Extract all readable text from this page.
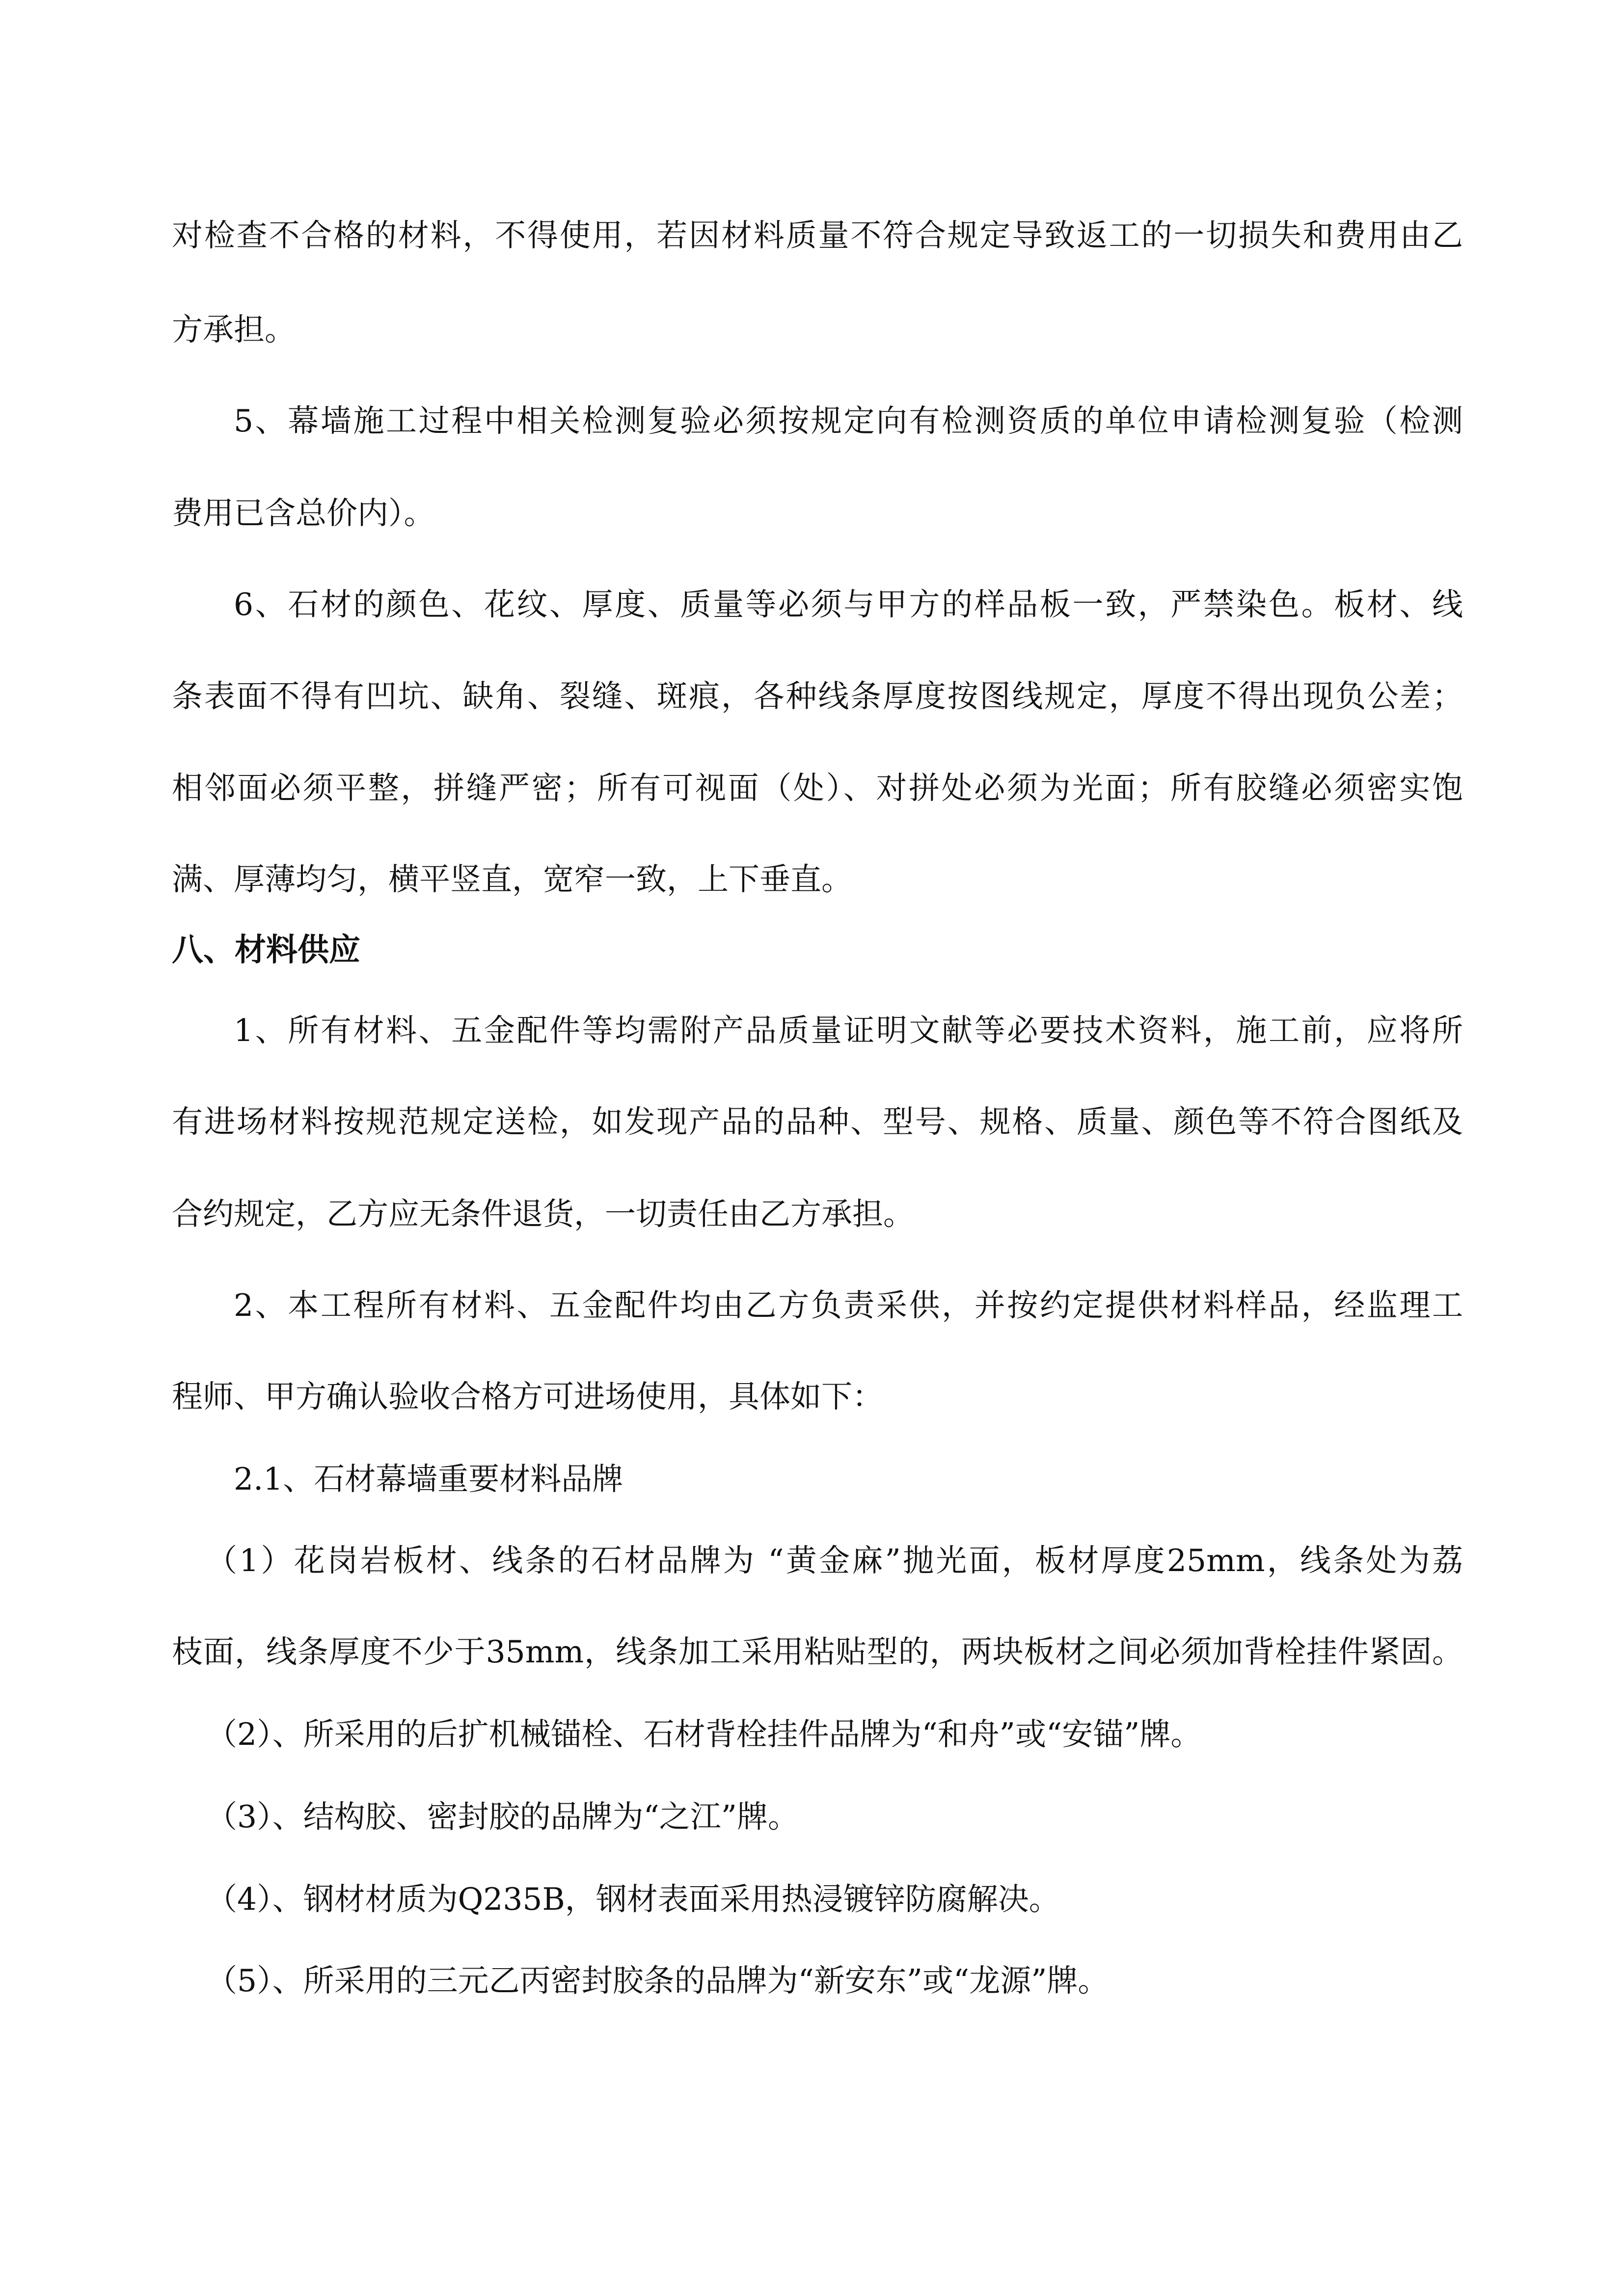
对检查不合格的材料，不得使用，若因材料质量不符合规定导致返工的一切损失和费用由乙
方承担。
5、幕墙施工过程中相关检测复验必须按规定向有检测资质的单位申请检测复验（检测
费用已含总价内）。
6、石材的颜色、花纹、厚度、质量等必须与甲方的样品板一致，严禁染色。板材、线
条表面不得有凹坑、缺角、裂缝、斑痕，各种线条厚度按图线规定，厚度不得出现负公差；
相邻面必须平整，拼缝严密；所有可视面（处）、对拼处必须为光面；所有胶缝必须密实饱
满、厚薄均匀，横平竖直，宽窄一致，上下垂直。
八、材料供应
1、所有材料、五金配件等均需附产品质量证明文献等必要技术资料，施工前，应将所
有进场材料按规范规定送检，如发现产品的品种、型号、规格、质量、颜色等不符合图纸及
合约规定，乙方应无条件退货，一切责任由乙方承担。
2、本工程所有材料、五金配件均由乙方负责采供，并按约定提供材料样品，经监理工
程师、甲方确认验收合格方可进场使用，具体如下：
2.1、石材幕墙重要材料品牌
（1）花岗岩板材、线条的石材品牌为 “黄金麻”抛光面，板材厚度25mm，线条处为荔
枝面，线条厚度不少于35mm，线条加工采用粘贴型的，两块板材之间必须加背栓挂件紧固。
（2）、所采用的后扩机械锚栓、石材背栓挂件品牌为“和舟”或“安锚”牌。
（3）、结构胶、密封胶的品牌为“之江”牌。
（4）、钢材材质为Q235B，钢材表面采用热浸镀锌防腐解决。
（5）、所采用的三元乙丙密封胶条的品牌为“新安东”或“龙源”牌。
